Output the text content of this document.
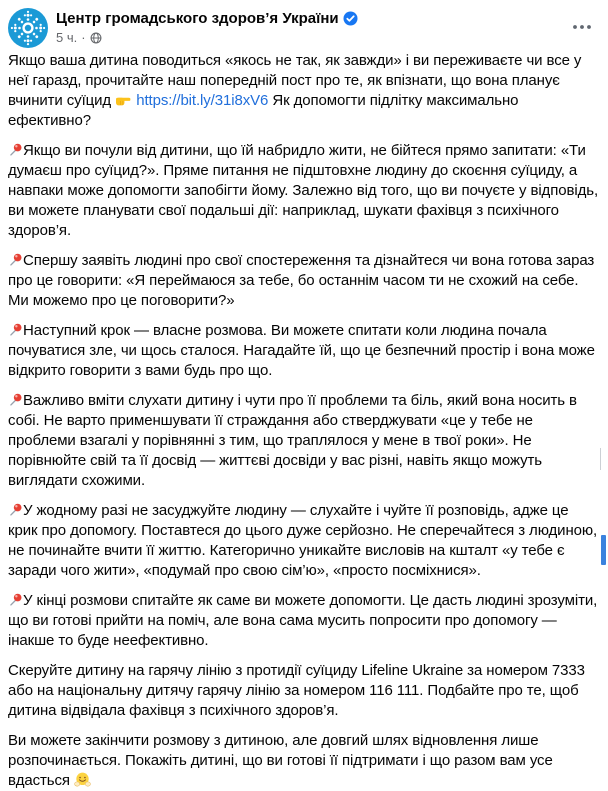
Центр громадського здоров’я України
5 ч. ·
Якщо ваша дитина поводиться «якось не так, як завжди» і ви переживаєте чи все у неї гаразд, прочитайте наш попередній пост про те, як впізнати, що вона планує вчинити суїцид  https://bit.ly/31i8xV6 Як допомогти підлітку максимально ефективно?
Якщо ви почули від дитини, що їй набридло жити, не бійтеся прямо запитати: «Ти думаєш про суїцид?». Пряме питання не підштовхне людину до скоєння суїциду, а навпаки може допомогти запобігти йому. Залежно від того, що ви почуєте у відповідь, ви можете планувати свої подальші дії: наприклад, шукати фахівця з психічного здоров’я.
Спершу заявіть людині про свої спостереження та дізнайтеся чи вона готова зараз про це говорити: «Я переймаюся за тебе, бо останнім часом ти не схожий на себе. Ми можемо про це поговорити?»
Наступний крок — власне розмова. Ви можете спитати коли людина почала почуватися зле, чи щось сталося. Нагадайте їй, що це безпечний простір і вона може відкрито говорити з вами будь про що.
Важливо вміти слухати дитину і чути про її проблеми та біль, який вона носить в собі. Не варто применшувати її страждання або стверджувати «це у тебе не проблеми взагалі у порівнянні з тим, що траплялося у мене в твої роки». Не порівнюйте свій та її досвід — життєві досвіди у вас різні, навіть якщо можуть виглядати схожими.
У жодному разі не засуджуйте людину — слухайте і чуйте її розповідь, адже це крик про допомогу. Поставтеся до цього дуже серйозно. Не сперечайтеся з людиною, не починайте вчити її життю. Категорично уникайте висловів на кшталт «у тебе є заради чого жити», «подумай про свою сім’ю», «просто посміхнися».
У кінці розмови спитайте як саме ви можете допомогти. Це дасть людині зрозуміти, що ви готові прийти на поміч, але вона сама мусить попросити про допомогу — інакше то буде неефективно.
Скеруйте дитину на гарячу лінію з протидії суїциду Lifeline Ukraine за номером 7333 або на національну дитячу гарячу лінію за номером 116 111. Подбайте про те, щоб дитина відвідала фахівця з психічного здоров’я.
Ви можете закінчити розмову з дитиною, але довгий шлях відновлення лише розпочинається. Покажіть дитині, що ви готові її підтримати і що разом вам усе вдасться
